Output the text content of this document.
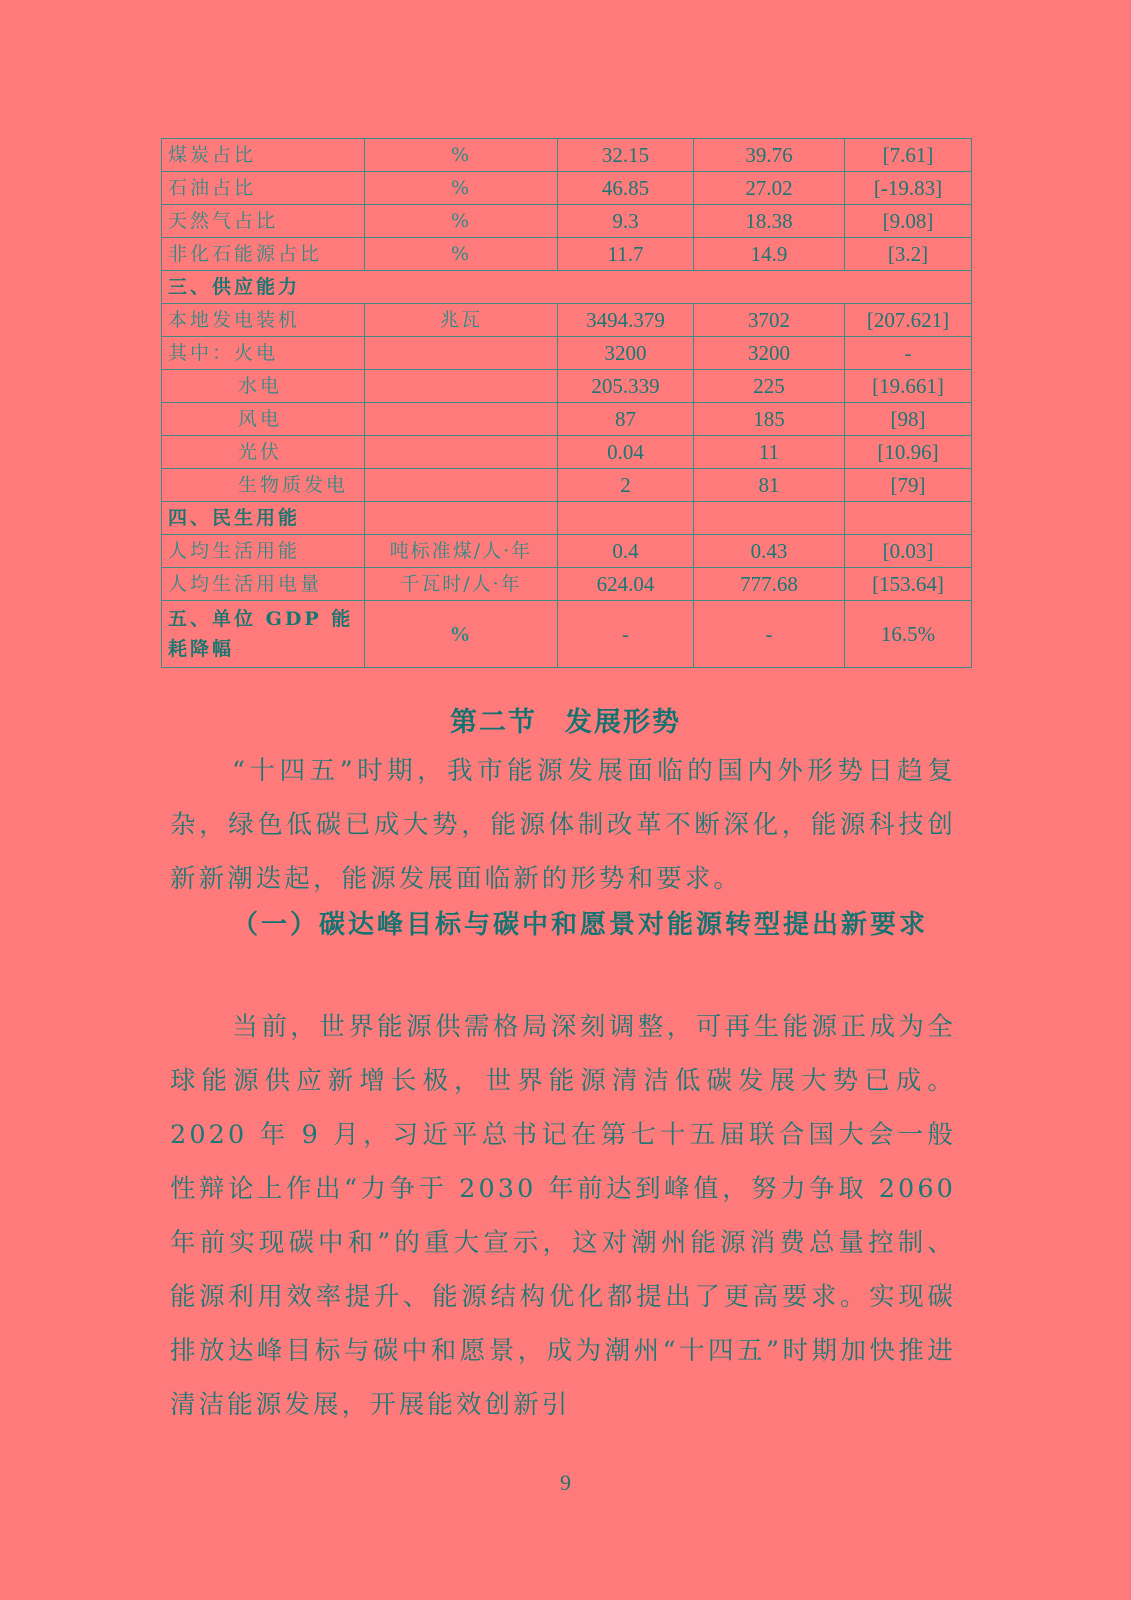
煤炭占比	%	32.15	39.76	[7.61]
石油占比	%	46.85	27.02	[-19.83]
天然气占比	%	9.3	18.38	[9.08]
非化石能源占比	%	11.7	14.9	[3.2]
三、供应能力				
本地发电装机	兆瓦	3494.379	3702	[207.621]
其中：火电		3200	3200	-
水电		205.339	225	[19.661]
风电		87	185	[98]
光伏		0.04	11	[10.96]
生物质发电		2	81	[79]
四、民生用能				
人均生活用能	吨标准煤/人·年	0.4	0.43	[0.03]
人均生活用电量	千瓦时/人·年	624.04	777.68	[153.64]
五、单位 GDP 能耗降幅	%	-	-	16.5%
第二节 发展形势
“十四五”时期，我市能源发展面临的国内外形势日趋复杂，绿色低碳已成大势，能源体制改革不断深化，能源科技创新新潮迭起，能源发展面临新的形势和要求。
（一）碳达峰目标与碳中和愿景对能源转型提出新要求
当前，世界能源供需格局深刻调整，可再生能源正成为全球能源供应新增长极，世界能源清洁低碳发展大势已成。2020 年 9 月，习近平总书记在第七十五届联合国大会一般性辩论上作出“力争于 2030 年前达到峰值，努力争取 2060 年前实现碳中和”的重大宣示，这对潮州能源消费总量控制、能源利用效率提升、能源结构优化都提出了更高要求。实现碳排放达峰目标与碳中和愿景，成为潮州“十四五”时期加快推进清洁能源发展，开展能效创新引
9
